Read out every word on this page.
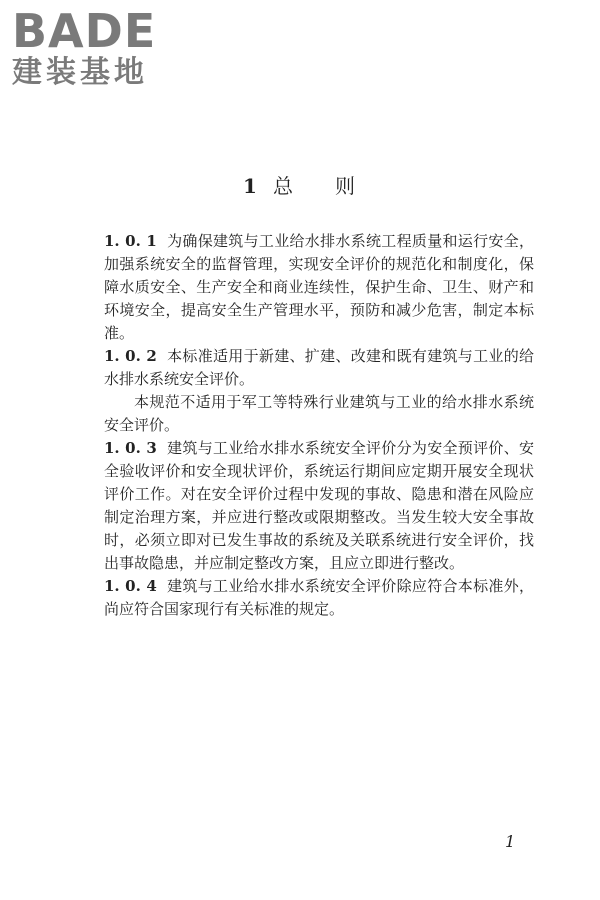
BADE
建装基地
1 总 则

1. 0. 1 为确保建筑与工业给水排水系统工程质量和运行安全，加强系统安全的监督管理，实现安全评价的规范化和制度化，保障水质安全、生产安全和商业连续性，保护生命、卫生、财产和环境安全，提高安全生产管理水平，预防和减少危害，制定本标准。

1. 0. 2 本标准适用于新建、扩建、改建和既有建筑与工业的给水排水系统安全评价。

本规范不适用于军工等特殊行业建筑与工业的给水排水系统安全评价。

1. 0. 3 建筑与工业给水排水系统安全评价分为安全预评价、安全验收评价和安全现状评价，系统运行期间应定期开展安全现状评价工作。对在安全评价过程中发现的事故、隐患和潜在风险应制定治理方案，并应进行整改或限期整改。当发生较大安全事故时，必须立即对已发生事故的系统及关联系统进行安全评价，找出事故隐患，并应制定整改方案，且应立即进行整改。

1. 0. 4 建筑与工业给水排水系统安全评价除应符合本标准外，尚应符合国家现行有关标准的规定。

1
